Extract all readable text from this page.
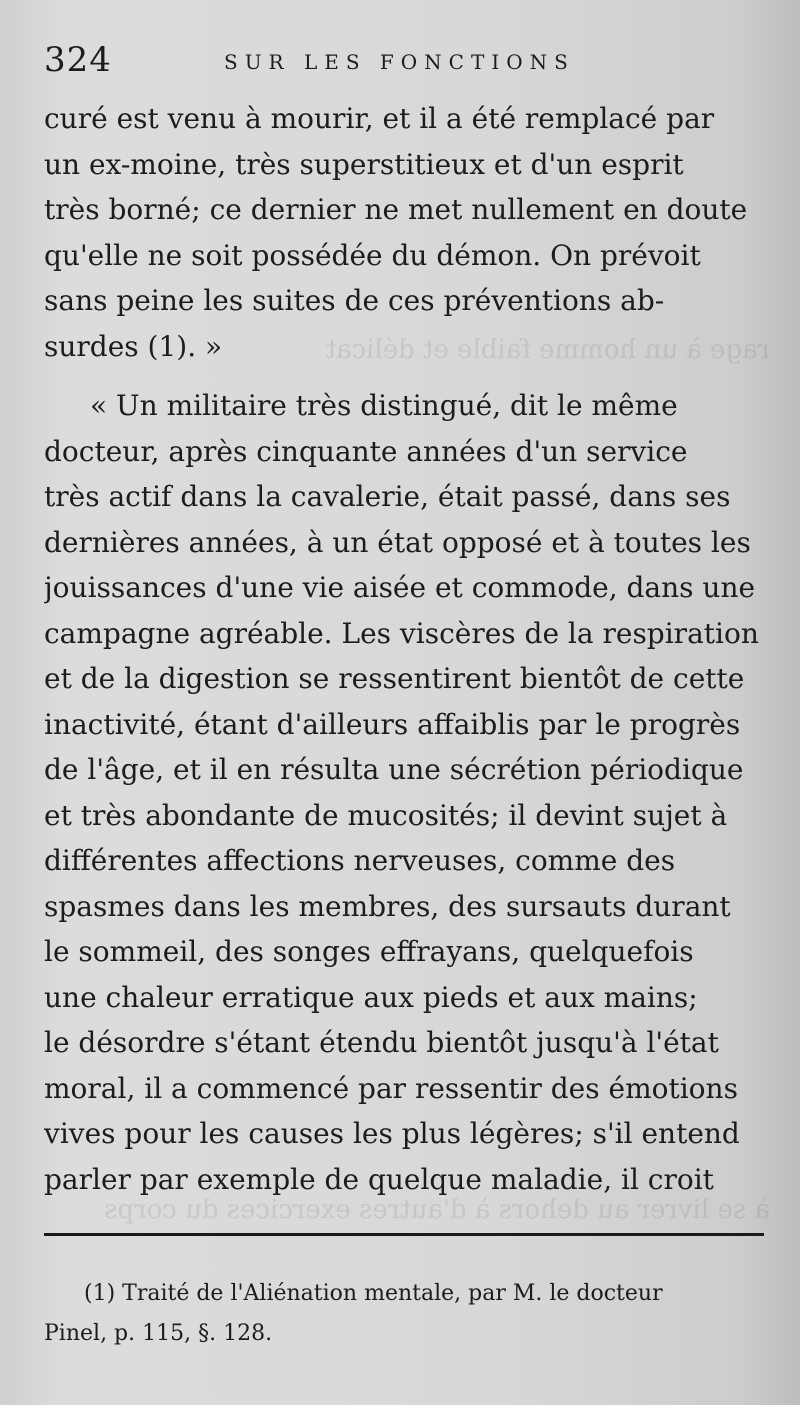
rage à un homme faible et délicat
à se livrer au dehors à d'autres exercices du corps
324	SUR LES FONCTIONS
curé est venu à mourir, et il a été remplacé par
un ex-moine, très superstitieux et d'un esprit
très borné; ce dernier ne met nullement en doute
qu'elle ne soit possédée du démon. On prévoit
sans peine les suites de ces préventions ab-
surdes (1). »
« Un militaire très distingué, dit le même
docteur, après cinquante années d'un service
très actif dans la cavalerie, était passé, dans ses
dernières années, à un état opposé et à toutes les
jouissances d'une vie aisée et commode, dans une
campagne agréable. Les viscères de la respiration
et de la digestion se ressentirent bientôt de cette
inactivité, étant d'ailleurs affaiblis par le progrès
de l'âge, et il en résulta une sécrétion périodique
et très abondante de mucosités; il devint sujet à
différentes affections nerveuses, comme des
spasmes dans les membres, des sursauts durant
le sommeil, des songes effrayans, quelquefois
une chaleur erratique aux pieds et aux mains;
le désordre s'étant étendu bientôt jusqu'à l'état
moral, il a commencé par ressentir des émotions
vives pour les causes les plus légères; s'il entend
parler par exemple de quelque maladie, il croit
(1) Traité de l'Aliénation mentale, par M. le docteur
Pinel, p. 115, §. 128.
